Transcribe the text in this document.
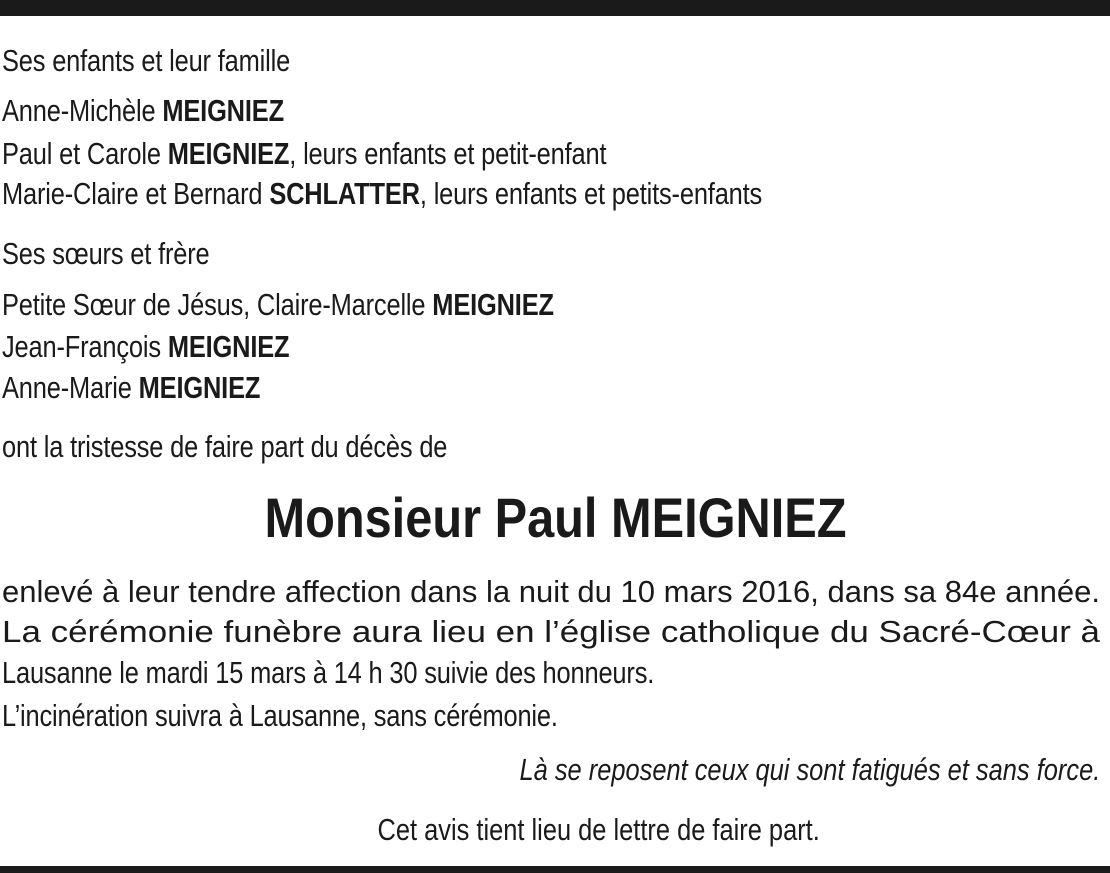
Ses enfants et leur famille
Anne-Michèle MEIGNIEZ
Paul et Carole MEIGNIEZ, leurs enfants et petit-enfant
Marie-Claire et Bernard SCHLATTER, leurs enfants et petits-enfants
Ses sœurs et frère
Petite Sœur de Jésus, Claire-Marcelle MEIGNIEZ
Jean-François MEIGNIEZ
Anne-Marie MEIGNIEZ
ont la tristesse de faire part du décès de
Monsieur Paul MEIGNIEZ
enlevé à leur tendre affection dans la nuit du 10 mars 2016, dans sa 84e année.
La cérémonie funèbre aura lieu en l’église catholique du Sacré-Cœur à
Lausanne le mardi 15 mars à 14 h 30 suivie des honneurs.
L’incinération suivra à Lausanne, sans cérémonie.
Là se reposent ceux qui sont fatigués et sans force.
Cet avis tient lieu de lettre de faire part.
